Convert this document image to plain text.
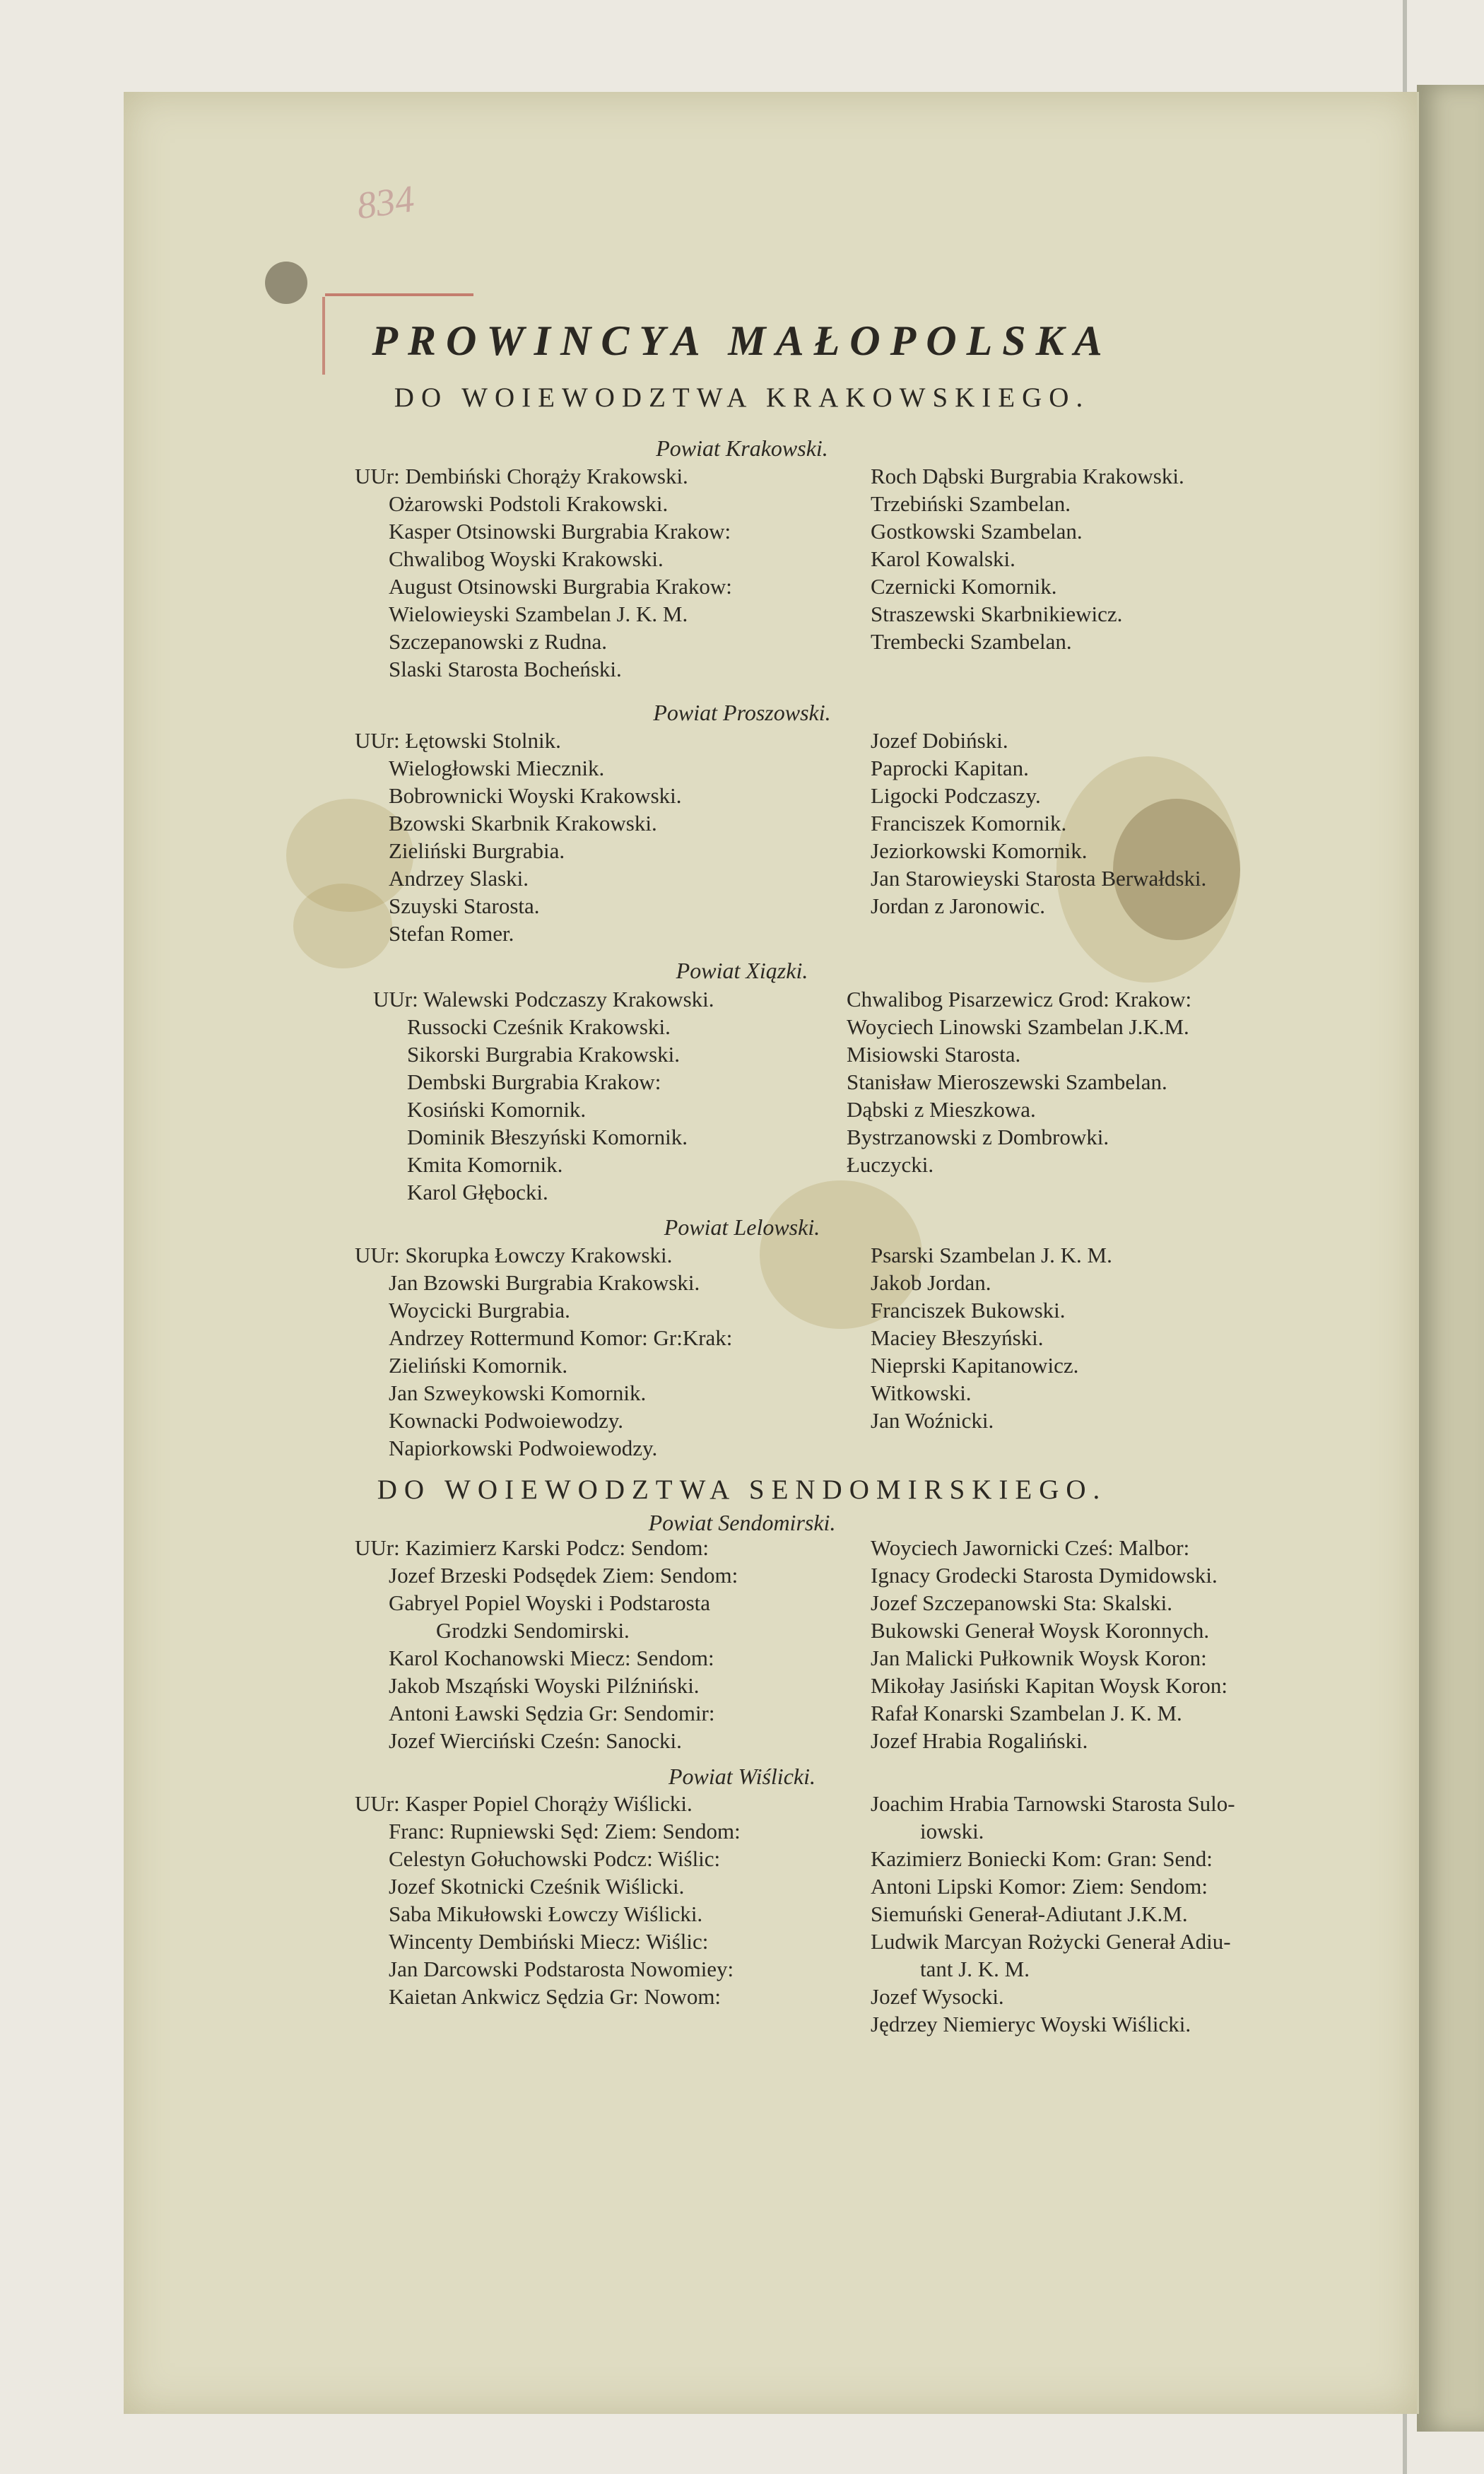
834
PROWINCYA MAŁOPOLSKA
DO WOIEWODZTWA KRAKOWSKIEGO.
Powiat Krakowski.
UUr: Dembiński Chorąży Krakowski.
Ożarowski Podstoli Krakowski.
Kasper Otsinowski Burgrabia Krakow:
Chwalibog Woyski Krakowski.
August Otsinowski Burgrabia Krakow:
Wielowieyski Szambelan J. K. M.
Szczepanowski z Rudna.
Slaski Starosta Bocheński.
Roch Dąbski Burgrabia Krakowski.
Trzebiński Szambelan.
Gostkowski Szambelan.
Karol Kowalski.
Czernicki Komornik.
Straszewski Skarbnikiewicz.
Trembecki Szambelan.
Powiat Proszowski.
UUr: Łętowski Stolnik.
Wielogłowski Miecznik.
Bobrownicki Woyski Krakowski.
Bzowski Skarbnik Krakowski.
Zieliński Burgrabia.
Andrzey Slaski.
Szuyski Starosta.
Stefan Romer.
Jozef Dobiński.
Paprocki Kapitan.
Ligocki Podczaszy.
Franciszek Komornik.
Jeziorkowski Komornik.
Jan Starowieyski Starosta Berwałdski.
Jordan z Jaronowic.
Powiat Xiązki.
UUr: Walewski Podczaszy Krakowski.
Russocki Cześnik Krakowski.
Sikorski Burgrabia Krakowski.
Dembski Burgrabia Krakow:
Kosiński Komornik.
Dominik Błeszyński Komornik.
Kmita Komornik.
Karol Głębocki.
Chwalibog Pisarzewicz Grod: Krakow:
Woyciech Linowski Szambelan J.K.M.
Misiowski Starosta.
Stanisław Mieroszewski Szambelan.
Dąbski z Mieszkowa.
Bystrzanowski z Dombrowki.
Łuczycki.
Powiat Lelowski.
UUr: Skorupka Łowczy Krakowski.
Jan Bzowski Burgrabia Krakowski.
Woycicki Burgrabia.
Andrzey Rottermund Komor: Gr:Krak:
Zieliński Komornik.
Jan Szweykowski Komornik.
Kownacki Podwoiewodzy.
Napiorkowski Podwoiewodzy.
Psarski Szambelan J. K. M.
Jakob Jordan.
Franciszek Bukowski.
Maciey Błeszyński.
Nieprski Kapitanowicz.
Witkowski.
Jan Woźnicki.
DO WOIEWODZTWA SENDOMIRSKIEGO.
Powiat Sendomirski.
UUr: Kazimierz Karski Podcz: Sendom:
Jozef Brzeski Podsędek Ziem: Sendom:
Gabryel Popiel Woyski i Podstarosta
Grodzki Sendomirski.
Karol Kochanowski Miecz: Sendom:
Jakob Msząński Woyski Pilźniński.
Antoni Ławski Sędzia Gr: Sendomir:
Jozef Wierciński Cześn: Sanocki.
Woyciech Jawornicki Cześ: Malbor:
Ignacy Grodecki Starosta Dymidowski.
Jozef Szczepanowski Sta: Skalski.
Bukowski Generał Woysk Koronnych.
Jan Malicki Pułkownik Woysk Koron:
Mikołay Jasiński Kapitan Woysk Koron:
Rafał Konarski Szambelan J. K. M.
Jozef Hrabia Rogaliński.
Powiat Wiślicki.
UUr: Kasper Popiel Chorąży Wiślicki.
Franc: Rupniewski Sęd: Ziem: Sendom:
Celestyn Gołuchowski Podcz: Wiślic:
Jozef Skotnicki Cześnik Wiślicki.
Saba Mikułowski Łowczy Wiślicki.
Wincenty Dembiński Miecz: Wiślic:
Jan Darcowski Podstarosta Nowomiey:
Kaietan Ankwicz Sędzia Gr: Nowom:
Joachim Hrabia Tarnowski Starosta Sulo-
iowski.
Kazimierz Boniecki Kom: Gran: Send:
Antoni Lipski Komor: Ziem: Sendom:
Siemuński Generał-Adiutant J.K.M.
Ludwik Marcyan Rożycki Generał Adiu-
tant J. K. M.
Jozef Wysocki.
Jędrzey Niemieryc Woyski Wiślicki.
